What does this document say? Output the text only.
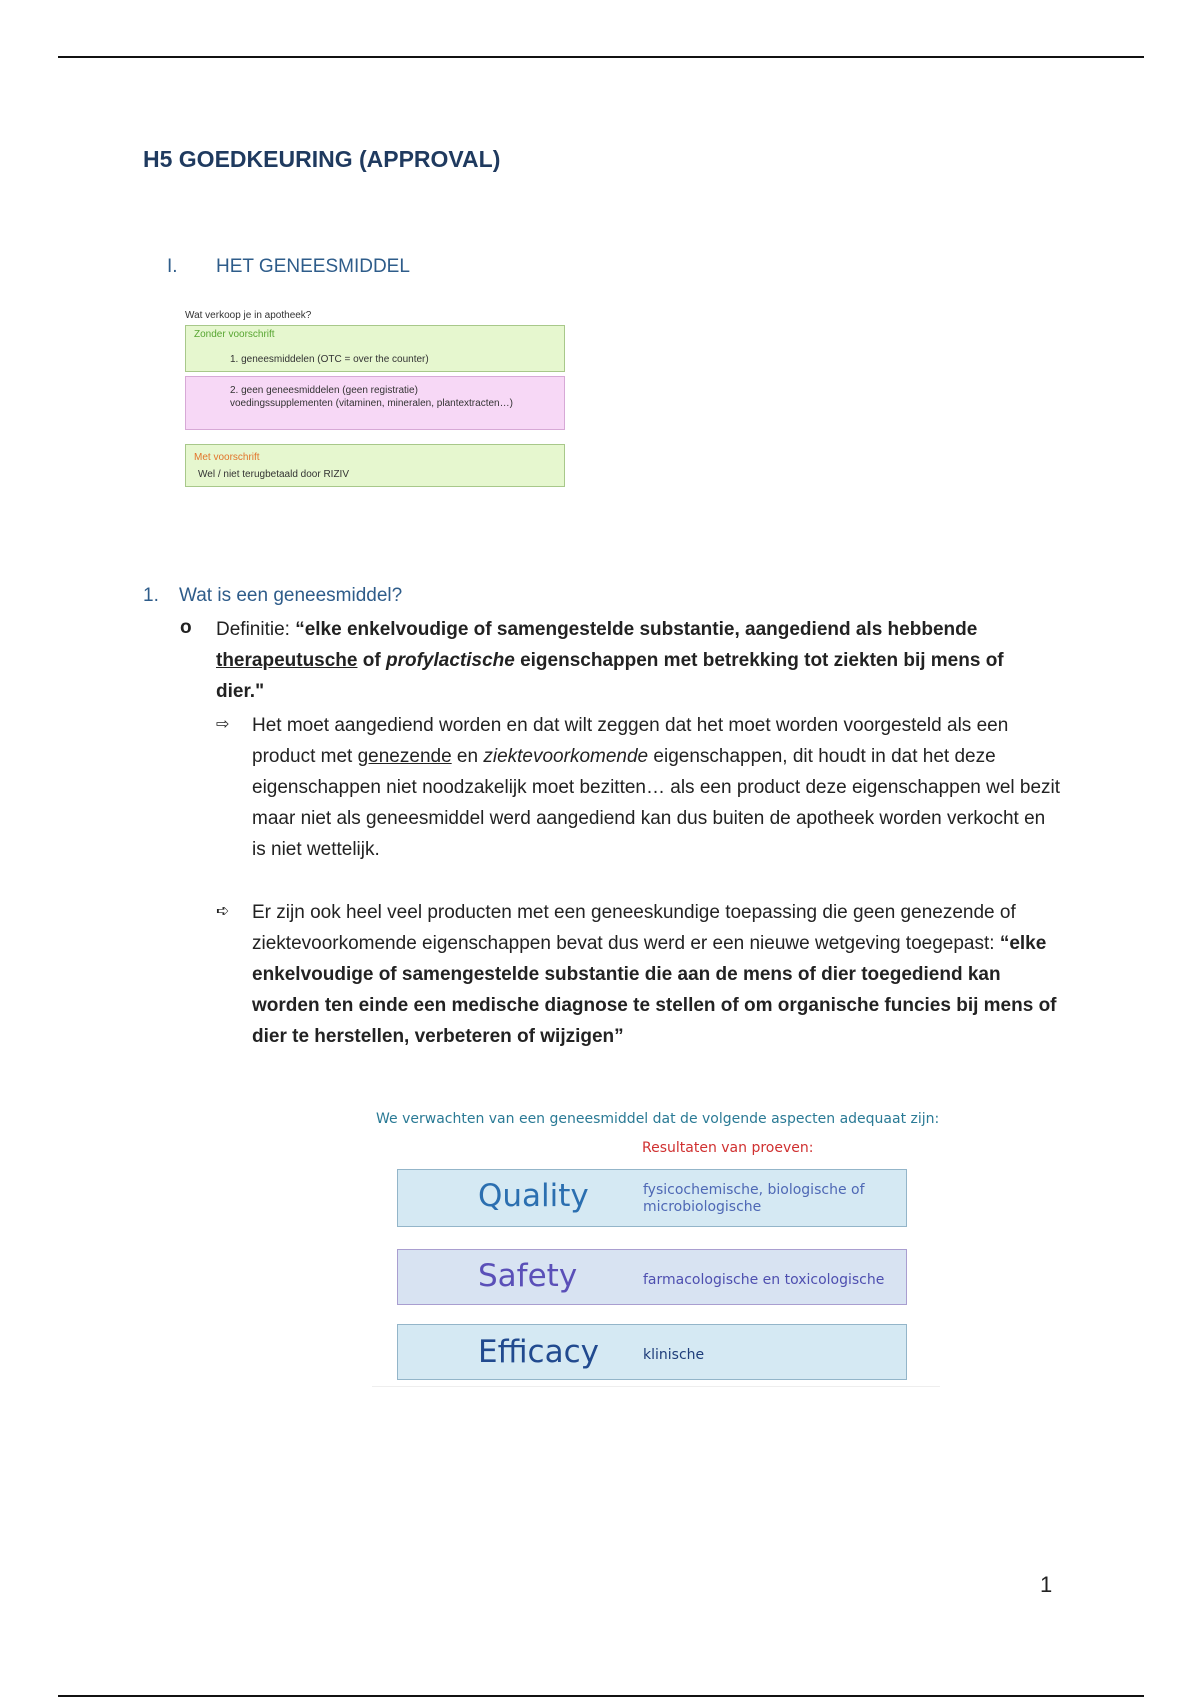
H5 GOEDKEURING (APPROVAL)
I. HET GENEESMIDDEL
Wat verkoop je in apotheek?
Zonder voorschrift
1. geneesmiddelen (OTC = over the counter)
2. geen geneesmiddelen (geen registratie)
voedingssupplementen (vitaminen, mineralen, plantextracten…)
Met voorschrift
Wel / niet terugbetaald door RIZIV
1. Wat is een geneesmiddel?
o Definitie: “elke enkelvoudige of samengestelde substantie, aangediend als hebbende therapeutusche of profylactische eigenschappen met betrekking tot ziekten bij mens of dier."
⇨ Het moet aangediend worden en dat wilt zeggen dat het moet worden voorgesteld als een product met genezende en ziektevoorkomende eigenschappen, dit houdt in dat het deze eigenschappen niet noodzakelijk moet bezitten… als een product deze eigenschappen wel bezit maar niet als geneesmiddel werd aangediend kan dus buiten de apotheek worden verkocht en is niet wettelijk.
➪ Er zijn ook heel veel producten met een geneeskundige toepassing die geen genezende of ziektevoorkomende eigenschappen bevat dus werd er een nieuwe wetgeving toegepast: “elke enkelvoudige of samengestelde substantie die aan de mens of dier toegediend kan worden ten einde een medische diagnose te stellen of om organische funcies bij mens of dier te herstellen, verbeteren of wijzigen”
We verwachten van een geneesmiddel dat de volgende aspecten adequaat zijn:
Resultaten van proeven:
Quality	fysicochemische, biologische of
microbiologische
Safety	farmacologische en toxicologische
Efficacy	klinische
1
